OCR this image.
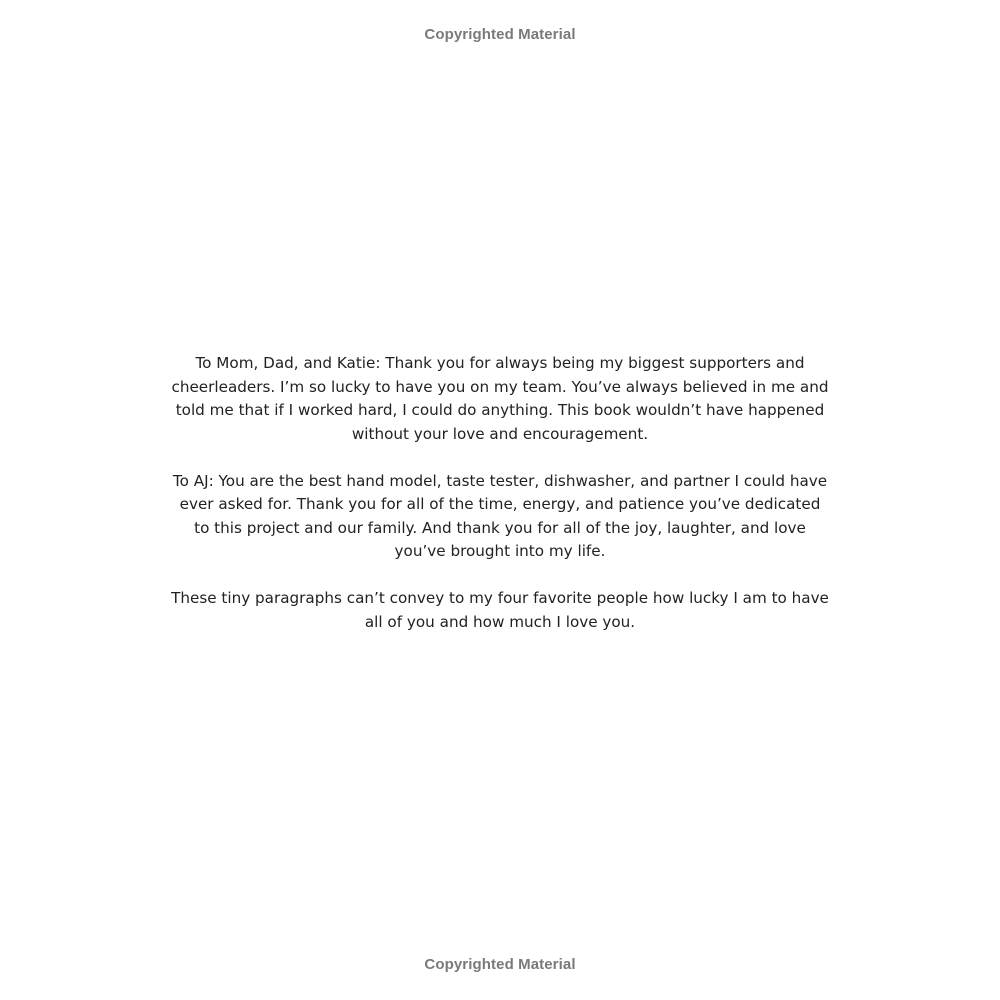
Copyrighted Material

To Mom, Dad, and Katie: Thank you for always being my biggest supporters and cheerleaders. I’m so lucky to have you on my team. You’ve always believed in me and told me that if I worked hard, I could do anything. This book wouldn’t have happened without your love and encouragement.

To AJ: You are the best hand model, taste tester, dishwasher, and partner I could have ever asked for. Thank you for all of the time, energy, and patience you’ve dedicated to this project and our family. And thank you for all of the joy, laughter, and love you’ve brought into my life.

These tiny paragraphs can’t convey to my four favorite people how lucky I am to have all of you and how much I love you.

Copyrighted Material
